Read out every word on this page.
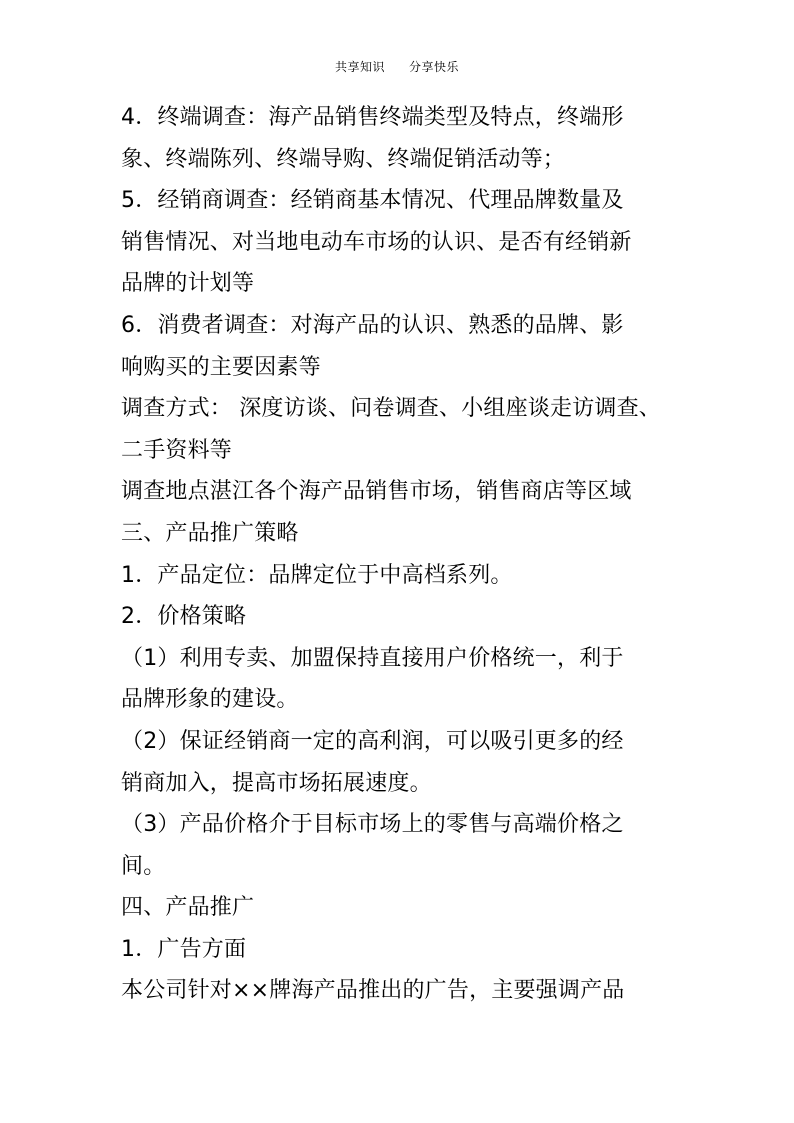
共享知识 分享快乐
4．终端调查：海产品销售终端类型及特点，终端形
象、终端陈列、终端导购、终端促销活动等；
5．经销商调查：经销商基本情况、代理品牌数量及
销售情况、对当地电动车市场的认识、是否有经销新
品牌的计划等
6．消费者调查：对海产品的认识、熟悉的品牌、影
响购买的主要因素等
调查方式： 深度访谈、问卷调查、小组座谈走访调查、
二手资料等
调查地点湛江各个海产品销售市场，销售商店等区域
三、产品推广策略
1．产品定位：品牌定位于中高档系列。
2．价格策略
（1）利用专卖、加盟保持直接用户价格统一，利于
品牌形象的建设。
（2）保证经销商一定的高利润，可以吸引更多的经
销商加入，提高市场拓展速度。
（3）产品价格介于目标市场上的零售与高端价格之
间。
四、产品推广
1．广告方面
本公司针对××牌海产品推出的广告，主要强调产品
